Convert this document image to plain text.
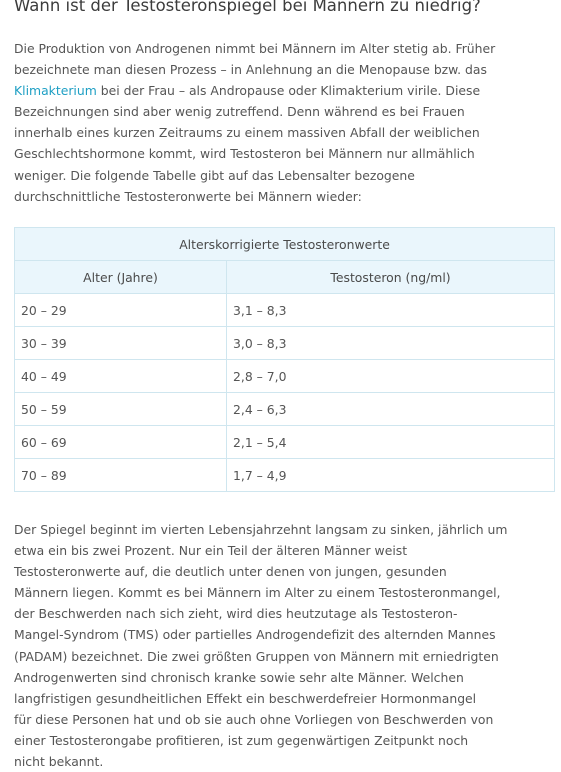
Wann ist der Testosteronspiegel bei Männern zu niedrig?

Die Produktion von Androgenen nimmt bei Männern im Alter stetig ab. Früher
bezeichnete man diesen Prozess – in Anlehnung an die Menopause bzw. das
Klimakterium bei der Frau – als Andropause oder Klimakterium virile. Diese
Bezeichnungen sind aber wenig zutreffend. Denn während es bei Frauen
innerhalb eines kurzen Zeitraums zu einem massiven Abfall der weiblichen
Geschlechtshormone kommt, wird Testosteron bei Männern nur allmählich
weniger. Die folgende Tabelle gibt auf das Lebensalter bezogene
durchschnittliche Testosteronwerte bei Männern wieder:

Alterskorrigierte Testosteronwerte	
Alter (Jahre)	Testosteron (ng/ml)
20 – 29	3,1 – 8,3
30 – 39	3,0 – 8,3
40 – 49	2,8 – 7,0
50 – 59	2,4 – 6,3
60 – 69	2,1 – 5,4
70 – 89	1,7 – 4,9

Der Spiegel beginnt im vierten Lebensjahrzehnt langsam zu sinken, jährlich um
etwa ein bis zwei Prozent. Nur ein Teil der älteren Männer weist
Testosteronwerte auf, die deutlich unter denen von jungen, gesunden
Männern liegen. Kommt es bei Männern im Alter zu einem Testosteronmangel,
der Beschwerden nach sich zieht, wird dies heutzutage als Testosteron-
Mangel-Syndrom (TMS) oder partielles Androgendefizit des alternden Mannes
(PADAM) bezeichnet. Die zwei größten Gruppen von Männern mit erniedrigten
Androgenwerten sind chronisch kranke sowie sehr alte Männer. Welchen
langfristigen gesundheitlichen Effekt ein beschwerdefreier Hormonmangel
für diese Personen hat und ob sie auch ohne Vorliegen von Beschwerden von
einer Testosterongabe profitieren, ist zum gegenwärtigen Zeitpunkt noch
nicht bekannt.
